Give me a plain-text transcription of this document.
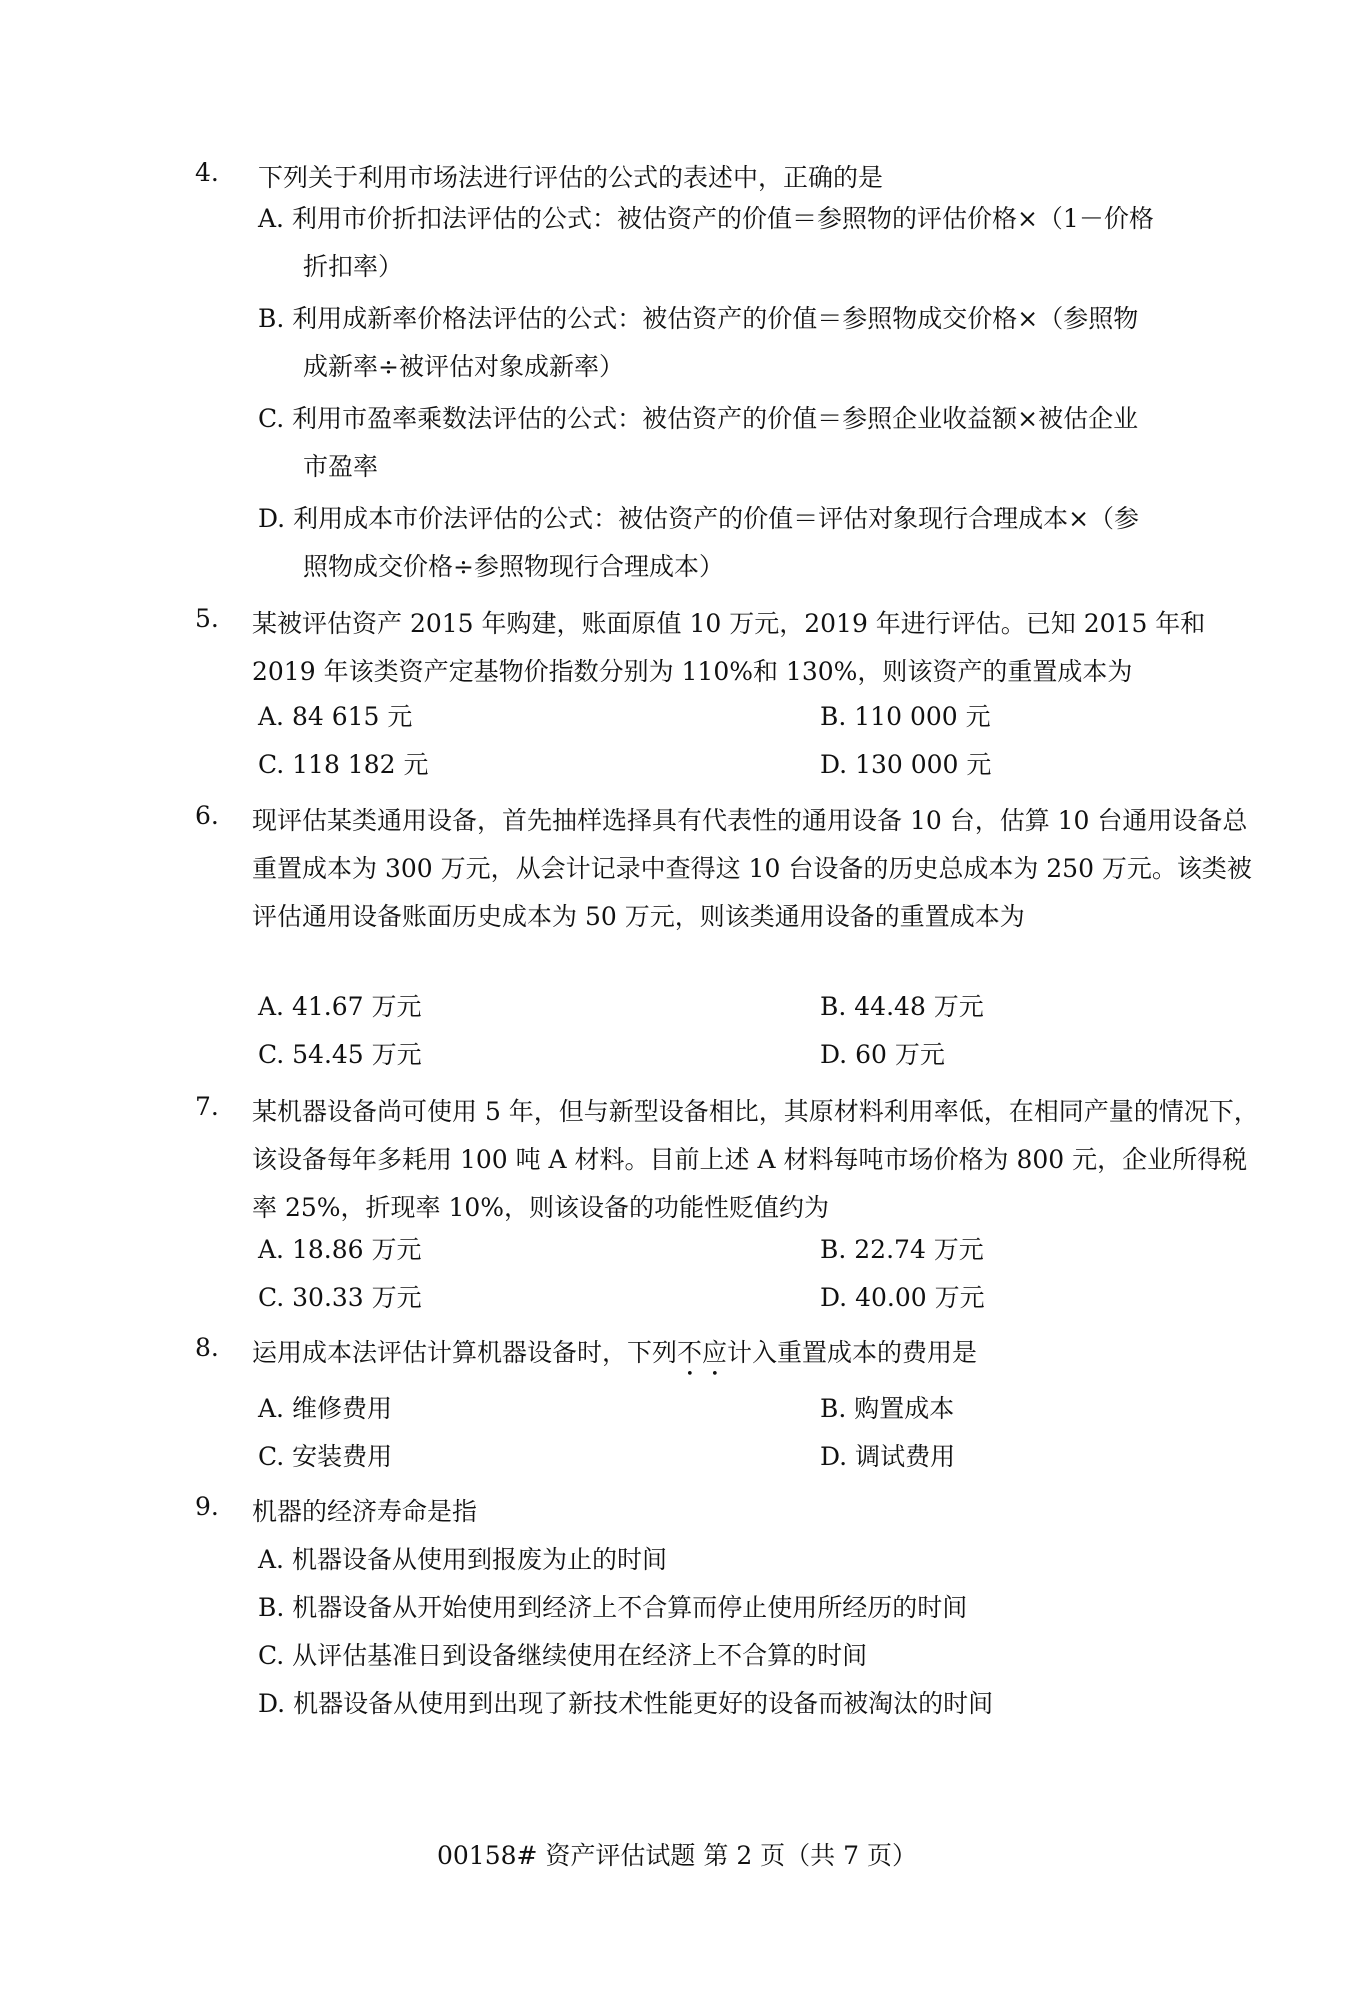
4. 下列关于利用市场法进行评估的公式的表述中，正确的是
A. 利用市价折扣法评估的公式：被估资产的价值＝参照物的评估价格×（1－价格
折扣率）
B. 利用成新率价格法评估的公式：被估资产的价值＝参照物成交价格×（参照物
成新率÷被评估对象成新率）
C. 利用市盈率乘数法评估的公式：被估资产的价值＝参照企业收益额×被估企业
市盈率
D. 利用成本市价法评估的公式：被估资产的价值＝评估对象现行合理成本×（参
照物成交价格÷参照物现行合理成本）
5. 某被评估资产 2015 年购建，账面原值 10 万元，2019 年进行评估。已知 2015 年和 2019 年该类资产定基物价指数分别为 110%和 130%，则该资产的重置成本为
A. 84 615 元	B. 110 000 元
C. 118 182 元	D. 130 000 元
6. 现评估某类通用设备，首先抽样选择具有代表性的通用设备 10 台，估算 10 台通用设备总重置成本为 300 万元，从会计记录中查得这 10 台设备的历史总成本为 250 万元。该类被评估通用设备账面历史成本为 50 万元，则该类通用设备的重置成本为
A. 41.67 万元	B. 44.48 万元
C. 54.45 万元	D. 60 万元
7. 某机器设备尚可使用 5 年，但与新型设备相比，其原材料利用率低，在相同产量的情况下，该设备每年多耗用 100 吨 A 材料。目前上述 A 材料每吨市场价格为 800 元，企业所得税率 25%，折现率 10%，则该设备的功能性贬值约为
A. 18.86 万元	B. 22.74 万元
C. 30.33 万元	D. 40.00 万元
8. 运用成本法评估计算机器设备时，下列不应计入重置成本的费用是
A. 维修费用	B. 购置成本
C. 安装费用	D. 调试费用
9. 机器的经济寿命是指
A. 机器设备从使用到报废为止的时间
B. 机器设备从开始使用到经济上不合算而停止使用所经历的时间
C. 从评估基准日到设备继续使用在经济上不合算的时间
D. 机器设备从使用到出现了新技术性能更好的设备而被淘汰的时间
00158# 资产评估试题 第 2 页（共 7 页）
